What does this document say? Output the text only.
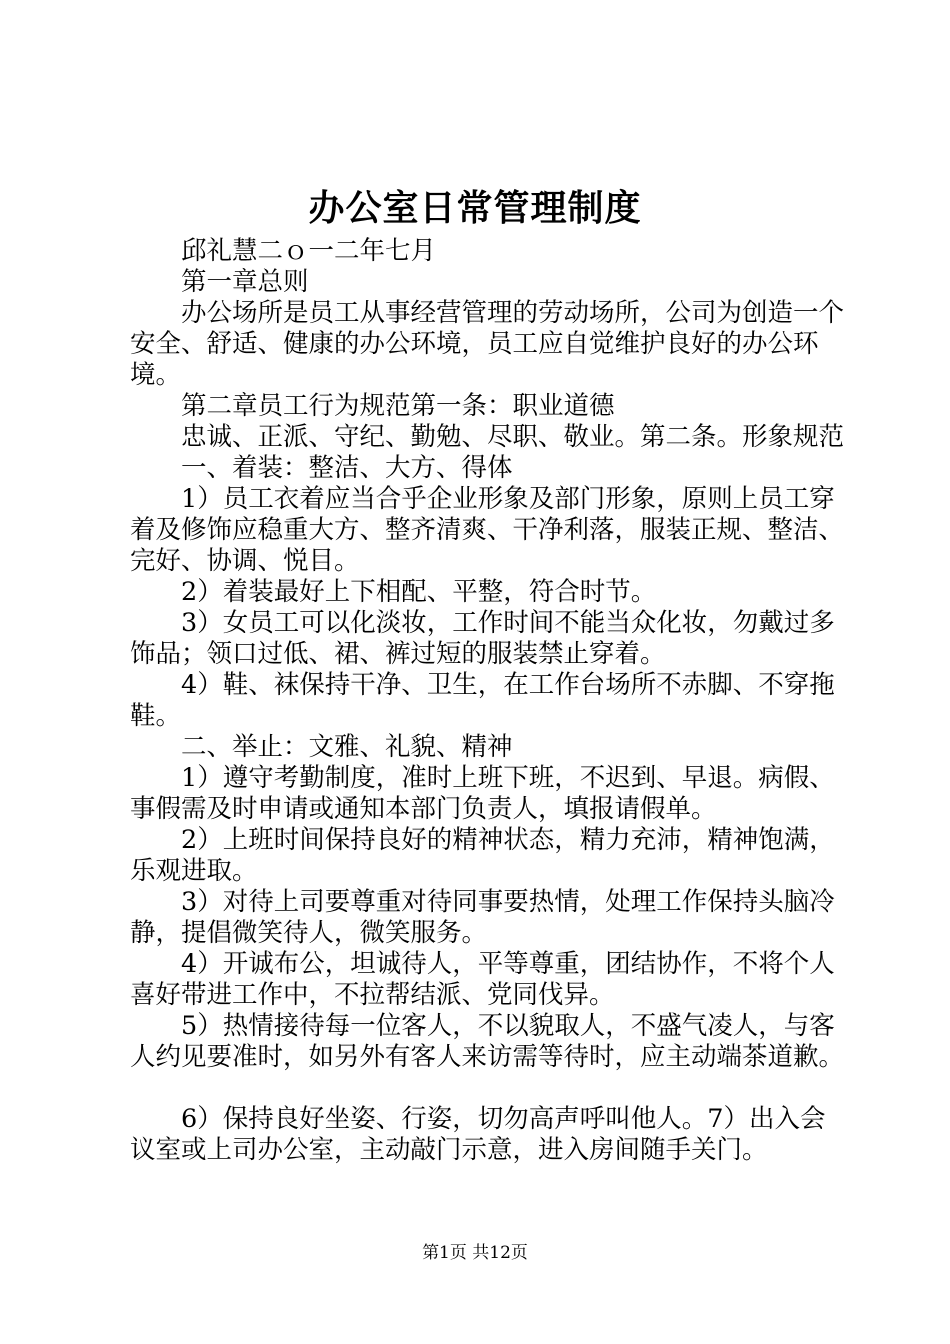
办公室日常管理制度

邱礼慧二ｏ一二年七月

第一章总则

办公场所是员工从事经营管理的劳动场所，公司为创造一个安全、舒适、健康的办公环境，员工应自觉维护良好的办公环境。

第二章员工行为规范第一条：职业道德

忠诚、正派、守纪、勤勉、尽职、敬业。第二条。形象规范

一、着装：整洁、大方、得体

1）员工衣着应当合乎企业形象及部门形象，原则上员工穿着及修饰应稳重大方、整齐清爽、干净利落，服装正规、整洁、完好、协调、悦目。

2）着装最好上下相配、平整，符合时节。

3）女员工可以化淡妆，工作时间不能当众化妆，勿戴过多饰品；领口过低、裙、裤过短的服装禁止穿着。

4）鞋、袜保持干净、卫生，在工作台场所不赤脚、不穿拖鞋。

二、举止：文雅、礼貌、精神

1）遵守考勤制度，准时上班下班，不迟到、早退。病假、事假需及时申请或通知本部门负责人，填报请假单。

2）上班时间保持良好的精神状态，精力充沛，精神饱满，乐观进取。

3）对待上司要尊重对待同事要热情，处理工作保持头脑冷静，提倡微笑待人，微笑服务。

4）开诚布公，坦诚待人，平等尊重，团结协作，不将个人喜好带进工作中，不拉帮结派、党同伐异。

5）热情接待每一位客人，不以貌取人，不盛气凌人，与客人约见要准时，如另外有客人来访需等待时，应主动端茶道歉。

6）保持良好坐姿、行姿，切勿高声呼叫他人。7）出入会议室或上司办公室，主动敲门示意，进入房间随手关门。

第1页 共12页
